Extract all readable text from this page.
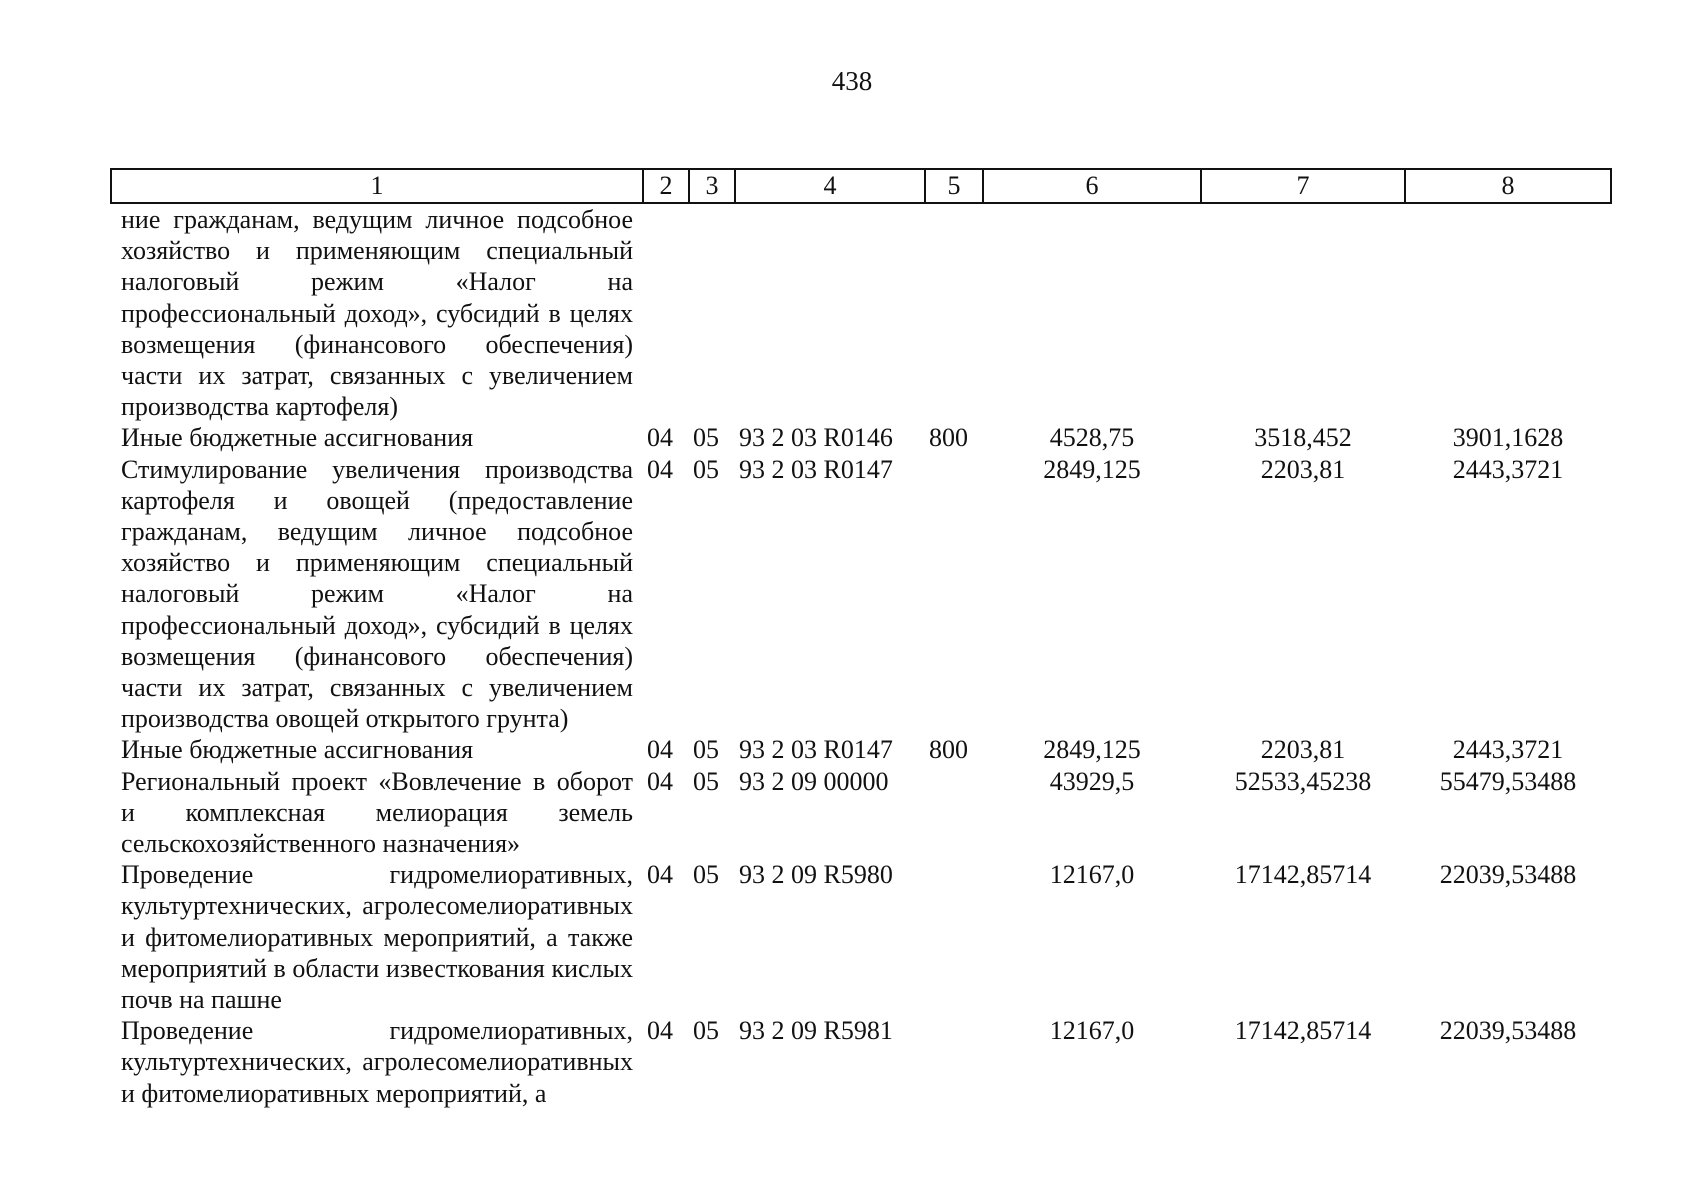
438
1	2	3	4	5	6	7	8
ние гражданам, ведущим личное подсобное хозяйство и применяющим специальный налоговый режим «Налог на профессиональный доход», субсидий в целях возмещения (финансового обеспечения) части их затрат, связанных с увеличением производства картофеля)							
Иные бюджетные ассигнования	04	05	93 2 03 R0146	800	4528,75	3518,452	3901,1628
Стимулирование увеличения производства картофеля и овощей (предоставление гражданам, ведущим личное подсобное хозяйство и применяющим специальный налоговый режим «Налог на профессиональный доход», субсидий в целях возмещения (финансового обеспечения) части их затрат, связанных с увеличением производства овощей открытого грунта)	04	05	93 2 03 R0147		2849,125	2203,81	2443,3721
Иные бюджетные ассигнования	04	05	93 2 03 R0147	800	2849,125	2203,81	2443,3721
Региональный проект «Вовлечение в оборот и комплексная мелиорация земель сельскохозяйственного назначения»	04	05	93 2 09 00000		43929,5	52533,45238	55479,53488
Проведение гидромелиоративных, культуртехнических, агролесомелиоративных и фитомелиоративных мероприятий, а также мероприятий в области известкования кислых почв на пашне	04	05	93 2 09 R5980		12167,0	17142,85714	22039,53488
Проведение гидромелиоративных, культуртехнических, агролесомелиоративных и фитомелиоративных мероприятий, а	04	05	93 2 09 R5981		12167,0	17142,85714	22039,53488
